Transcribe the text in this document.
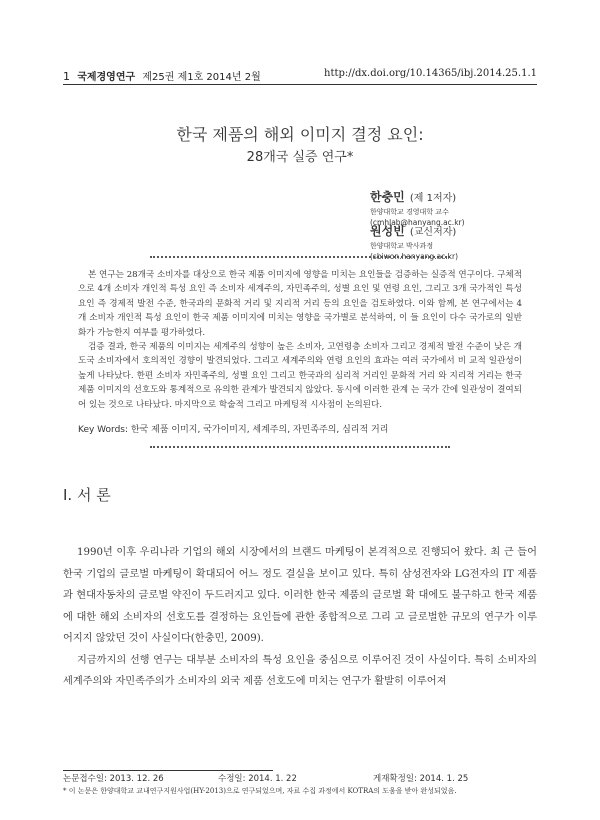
1 국제경영연구 제25권 제1호 2014년 2월	http://dx.doi.org/10.14365/ibj.2014.25.1.1
한국 제품의 해외 이미지 결정 요인:
28개국 실증 연구*
한충민 (제 1저자)
한양대학교 경영대학 교수
(cmhlab@hanyang.ac.kr)
원성빈 (교신저자)
한양대학교 박사과정
(sbiwon.hanyang.ac.kr)

본 연구는 28개국 소비자를 대상으로 한국 제품 이미지에 영향을 미치는 요인들을 검증하는 실증적 연구이다. 구체적으로 4개 소비자 개인적 특성 요인 즉 소비자 세계주의, 자민족주의, 성별 요인 및 연령 요인, 그리고 3개 국가적인 특성 요인 즉 경제적 발전 수준, 한국과의 문화적 거리 및 지리적 거리 등의 요인을 검토하였다. 이와 함께, 본 연구에서는 4개 소비자 개인적 특성 요인이 한국 제품 이미지에 미치는 영향을 국가별로 분석하여, 이 들 요인이 다수 국가로의 일반화가 가능한지 여부를 평가하였다.

검증 결과, 한국 제품의 이미지는 세계주의 성향이 높은 소비자, 고연령층 소비자 그리고 경제적 발전 수준이 낮은 개도국 소비자에서 호의적인 경향이 발견되었다. 그리고 세계주의와 연령 요인의 효과는 여러 국가에서 비 교적 일관성이 높게 나타났다. 한편 소비자 자민족주의, 성별 요인 그리고 한국과의 심리적 거리인 문화적 거리 와 지리적 거리는 한국 제품 이미지의 선호도와 통계적으로 유의한 관계가 발견되지 않았다. 동시에 이러한 관계 는 국가 간에 일관성이 결여되어 있는 것으로 나타났다. 마지막으로 학술적 그리고 마케팅적 시사점이 논의된다.

Key Words: 한국 제품 이미지, 국가이미지, 세계주의, 자민족주의, 심리적 거리
Ⅰ. 서 론

1990년 이후 우리나라 기업의 해외 시장에서의 브랜드 마케팅이 본격적으로 진행되어 왔다. 최 근 들어 한국 기업의 글로벌 마케팅이 확대되어 어느 정도 결실을 보이고 있다. 특히 삼성전자와 LG전자의 IT 제품과 현대자동차의 글로벌 약진이 두드러지고 있다. 이러한 한국 제품의 글로벌 확 대에도 불구하고 한국 제품에 대한 해외 소비자의 선호도를 결정하는 요인들에 관한 종합적으로 그리 고 글로벌한 규모의 연구가 이루어지지 않았던 것이 사실이다(한충민, 2009).

지금까지의 선행 연구는 대부분 소비자의 특성 요인을 중심으로 이루어진 것이 사실이다. 특히 소비자의 세계주의와 자민족주의가 소비자의 외국 제품 선호도에 미치는 연구가 활발히 이루어져

논문접수일: 2013. 12. 26	수정일: 2014. 1. 22	게재확정일: 2014. 1. 25
* 이 논문은 한양대학교 교내연구지원사업(HY-2013)으로 연구되었으며, 자료 수집 과정에서 KOTRA의 도움을 받아 완성되었음.
